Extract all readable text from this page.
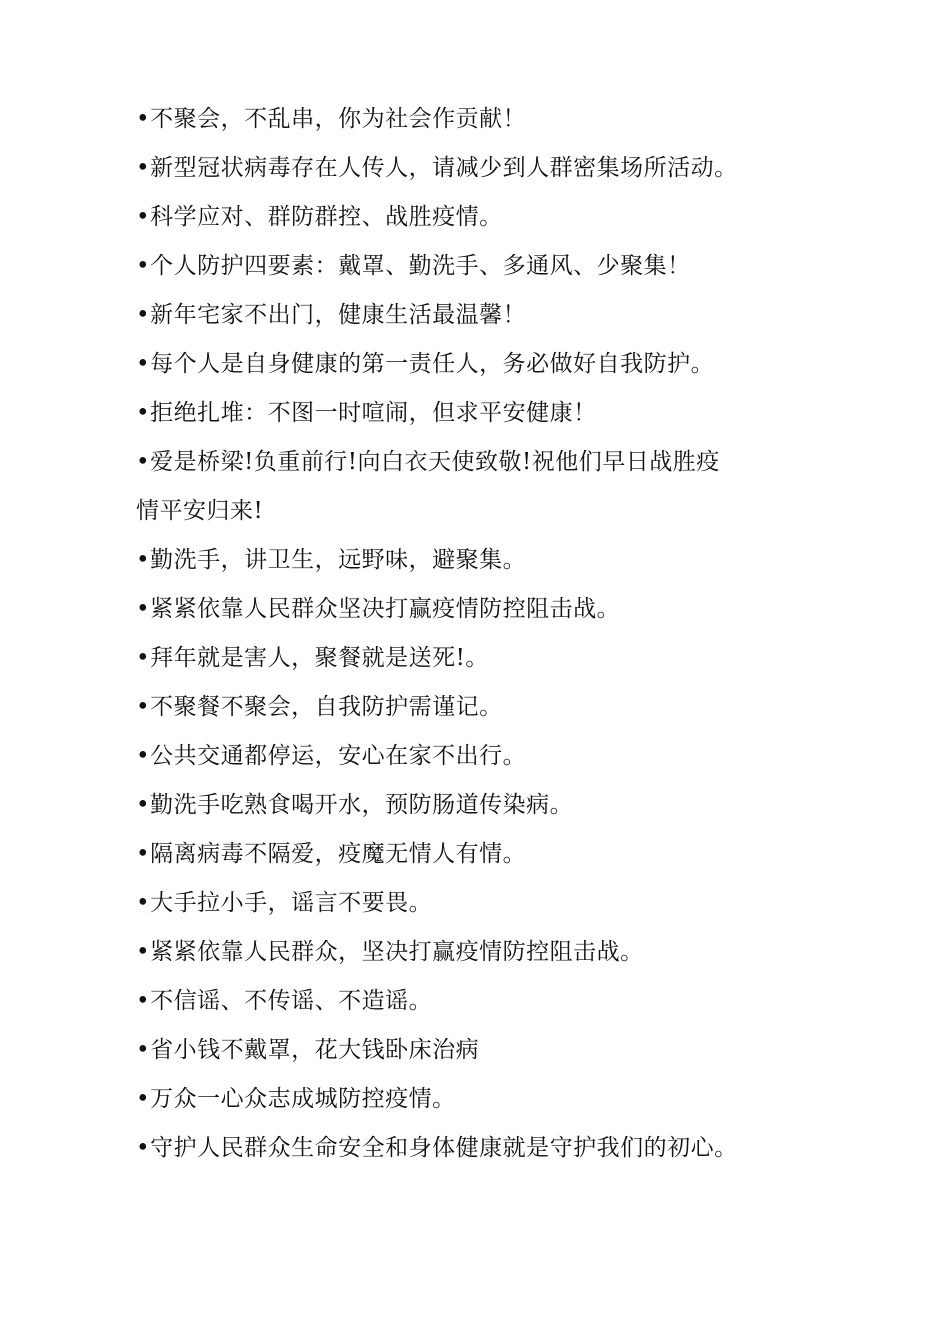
•不聚会，不乱串，你为社会作贡献！
•新型冠状病毒存在人传人，请减少到人群密集场所活动。
•科学应对、群防群控、战胜疫情。
•个人防护四要素：戴罩、勤洗手、多通风、少聚集！
•新年宅家不出门，健康生活最温馨！
•每个人是自身健康的第一责任人，务必做好自我防护。
•拒绝扎堆：不图一时喧闹，但求平安健康！
•爱是桥梁!负重前行!向白衣天使致敬!祝他们早日战胜疫
情平安归来!
•勤洗手，讲卫生，远野味，避聚集。
•紧紧依靠人民群众坚决打赢疫情防控阻击战。
•拜年就是害人，聚餐就是送死!。
•不聚餐不聚会，自我防护需谨记。
•公共交通都停运，安心在家不出行。
•勤洗手吃熟食喝开水，预防肠道传染病。
•隔离病毒不隔爱，疫魔无情人有情。
•大手拉小手，谣言不要畏。
•紧紧依靠人民群众，坚决打赢疫情防控阻击战。
•不信谣、不传谣、不造谣。
•省小钱不戴罩，花大钱卧床治病
•万众一心众志成城防控疫情。
•守护人民群众生命安全和身体健康就是守护我们的初心。
